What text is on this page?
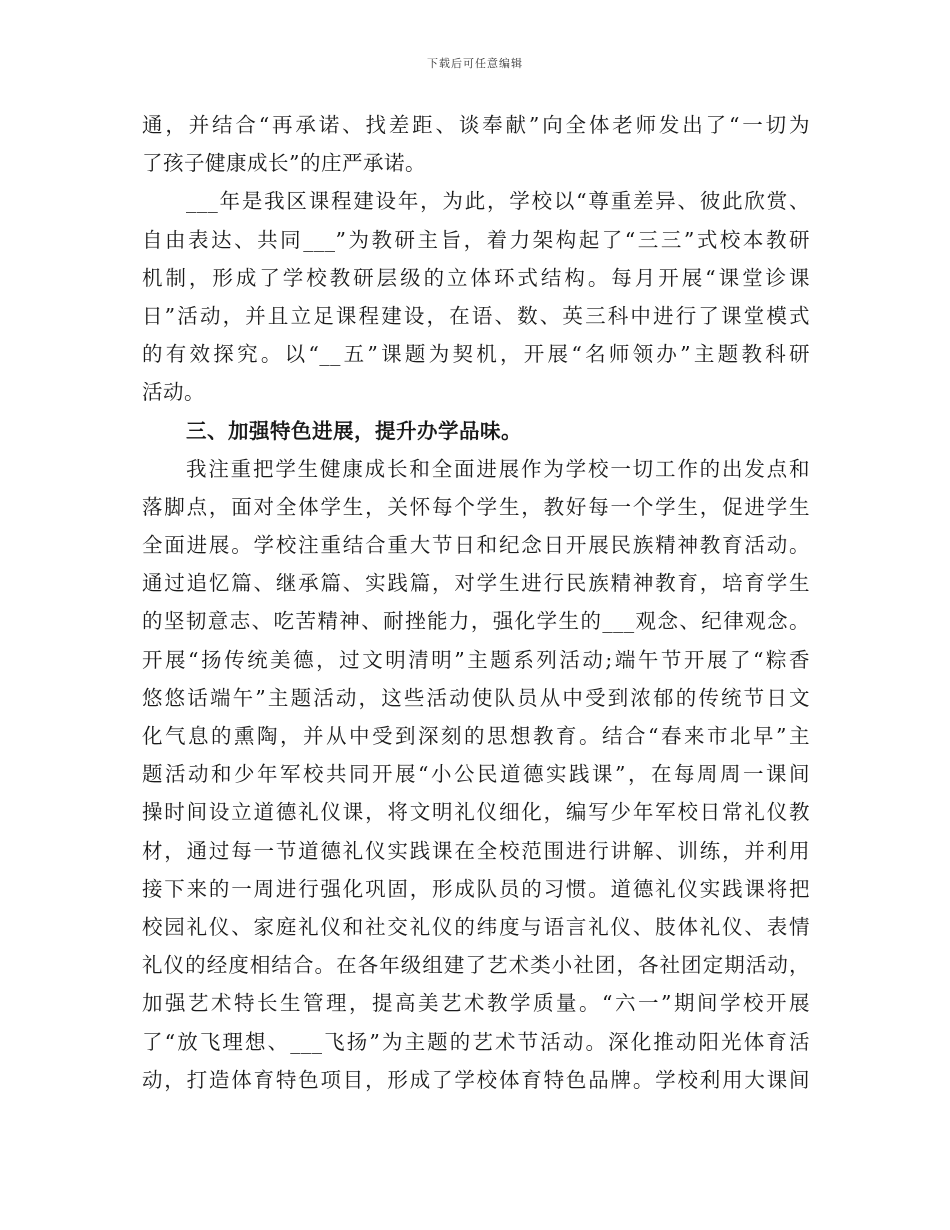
下载后可任意编辑
通，并结合“再承诺、找差距、谈奉献”向全体老师发出了“一切为
了孩子健康成长”的庄严承诺。
___年是我区课程建设年，为此，学校以“尊重差异、彼此欣赏、
自由表达、共同___”为教研主旨，着力架构起了“三三”式校本教研
机制，形成了学校教研层级的立体环式结构。每月开展“课堂诊课
日”活动，并且立足课程建设，在语、数、英三科中进行了课堂模式
的有效探究。以“__五”课题为契机，开展“名师领办”主题教科研
活动。
三、加强特色进展，提升办学品味。
我注重把学生健康成长和全面进展作为学校一切工作的出发点和
落脚点，面对全体学生，关怀每个学生，教好每一个学生，促进学生
全面进展。学校注重结合重大节日和纪念日开展民族精神教育活动。
通过追忆篇、继承篇、实践篇，对学生进行民族精神教育，培育学生
的坚韧意志、吃苦精神、耐挫能力，强化学生的___观念、纪律观念。
开展“扬传统美德，过文明清明”主题系列活动;端午节开展了“粽香
悠悠话端午”主题活动，这些活动使队员从中受到浓郁的传统节日文
化气息的熏陶，并从中受到深刻的思想教育。结合“春来市北早”主
题活动和少年军校共同开展“小公民道德实践课”，在每周周一课间
操时间设立道德礼仪课，将文明礼仪细化，编写少年军校日常礼仪教
材，通过每一节道德礼仪实践课在全校范围进行讲解、训练，并利用
接下来的一周进行强化巩固，形成队员的习惯。道德礼仪实践课将把
校园礼仪、家庭礼仪和社交礼仪的纬度与语言礼仪、肢体礼仪、表情
礼仪的经度相结合。在各年级组建了艺术类小社团，各社团定期活动，
加强艺术特长生管理，提高美艺术教学质量。“六一”期间学校开展
了“放飞理想、___飞扬”为主题的艺术节活动。深化推动阳光体育活
动，打造体育特色项目，形成了学校体育特色品牌。学校利用大课间
